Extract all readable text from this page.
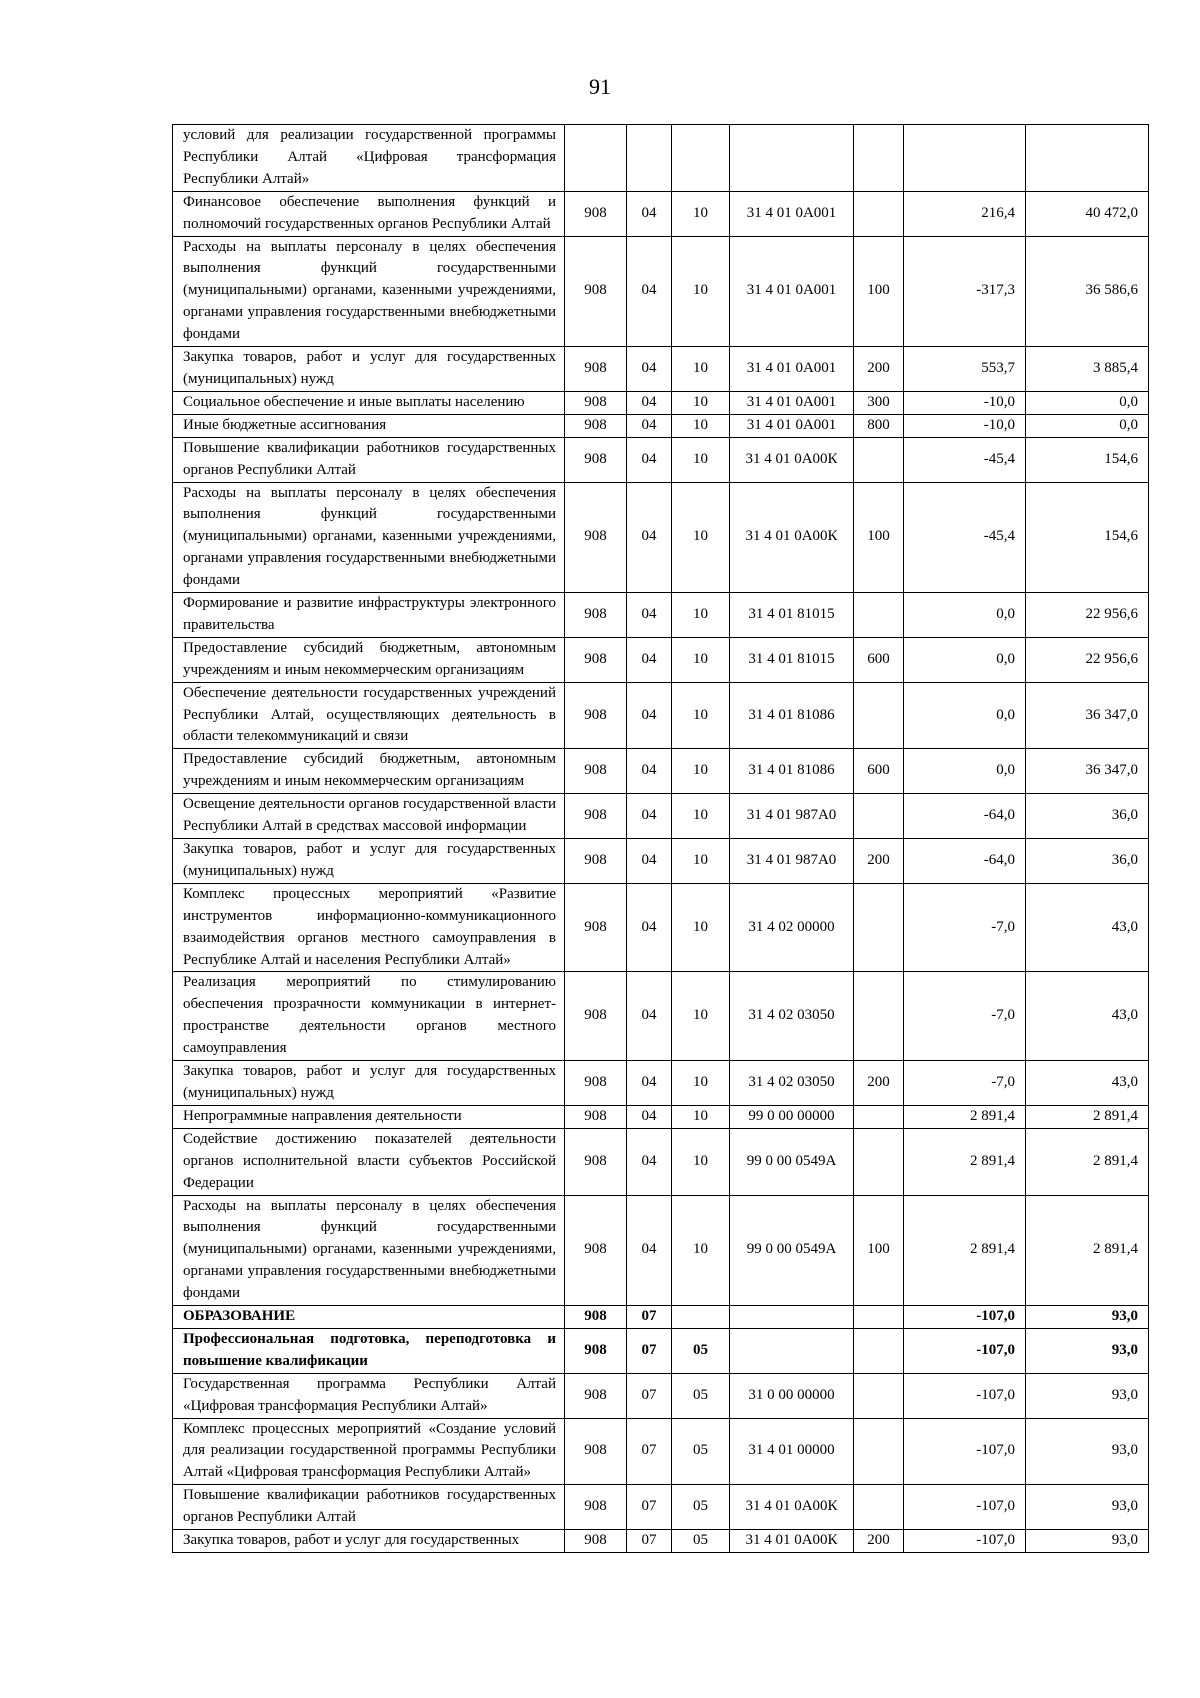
91
условий для реализации государственной программы Республики Алтай «Цифровая трансформация Республики Алтай»							
Финансовое обеспечение выполнения функций и полномочий государственных органов Республики Алтай	908	04	10	31 4 01 0А001		216,4	40 472,0
Расходы на выплаты персоналу в целях обеспечения выполнения функций государственными (муниципальными) органами, казенными учреждениями, органами управления государственными внебюджетными фондами	908	04	10	31 4 01 0А001	100	-317,3	36 586,6
Закупка товаров, работ и услуг для государственных (муниципальных) нужд	908	04	10	31 4 01 0А001	200	553,7	3 885,4
Социальное обеспечение и иные выплаты населению	908	04	10	31 4 01 0А001	300	-10,0	0,0
Иные бюджетные ассигнования	908	04	10	31 4 01 0А001	800	-10,0	0,0
Повышение квалификации работников государственных органов Республики Алтай	908	04	10	31 4 01 0А00К		-45,4	154,6
Расходы на выплаты персоналу в целях обеспечения выполнения функций государственными (муниципальными) органами, казенными учреждениями, органами управления государственными внебюджетными фондами	908	04	10	31 4 01 0А00К	100	-45,4	154,6
Формирование и развитие инфраструктуры электронного правительства	908	04	10	31 4 01 81015		0,0	22 956,6
Предоставление субсидий бюджетным, автономным учреждениям и иным некоммерческим организациям	908	04	10	31 4 01 81015	600	0,0	22 956,6
Обеспечение деятельности государственных учреждений Республики Алтай, осуществляющих деятельность в области телекоммуникаций и связи	908	04	10	31 4 01 81086		0,0	36 347,0
Предоставление субсидий бюджетным, автономным учреждениям и иным некоммерческим организациям	908	04	10	31 4 01 81086	600	0,0	36 347,0
Освещение деятельности органов государственной власти Республики Алтай в средствах массовой информации	908	04	10	31 4 01 987А0		-64,0	36,0
Закупка товаров, работ и услуг для государственных (муниципальных) нужд	908	04	10	31 4 01 987А0	200	-64,0	36,0
Комплекс процессных мероприятий «Развитие инструментов информационно-коммуникационного взаимодействия органов местного самоуправления в Республике Алтай и населения Республики Алтай»	908	04	10	31 4 02 00000		-7,0	43,0
Реализация мероприятий по стимулированию обеспечения прозрачности коммуникации в интернет-пространстве деятельности органов местного самоуправления	908	04	10	31 4 02 03050		-7,0	43,0
Закупка товаров, работ и услуг для государственных (муниципальных) нужд	908	04	10	31 4 02 03050	200	-7,0	43,0
Непрограммные направления деятельности	908	04	10	99 0 00 00000		2 891,4	2 891,4
Содействие достижению показателей деятельности органов исполнительной власти субъектов Российской Федерации	908	04	10	99 0 00 0549А		2 891,4	2 891,4
Расходы на выплаты персоналу в целях обеспечения выполнения функций государственными (муниципальными) органами, казенными учреждениями, органами управления государственными внебюджетными фондами	908	04	10	99 0 00 0549А	100	2 891,4	2 891,4
ОБРАЗОВАНИЕ	908	07				-107,0	93,0
Профессиональная подготовка, переподготовка и повышение квалификации	908	07	05			-107,0	93,0
Государственная программа Республики Алтай «Цифровая трансформация Республики Алтай»	908	07	05	31 0 00 00000		-107,0	93,0
Комплекс процессных мероприятий «Создание условий для реализации государственной программы Республики Алтай «Цифровая трансформация Республики Алтай»	908	07	05	31 4 01 00000		-107,0	93,0
Повышение квалификации работников государственных органов Республики Алтай	908	07	05	31 4 01 0А00К		-107,0	93,0
Закупка товаров, работ и услуг для государственных	908	07	05	31 4 01 0А00К	200	-107,0	93,0
